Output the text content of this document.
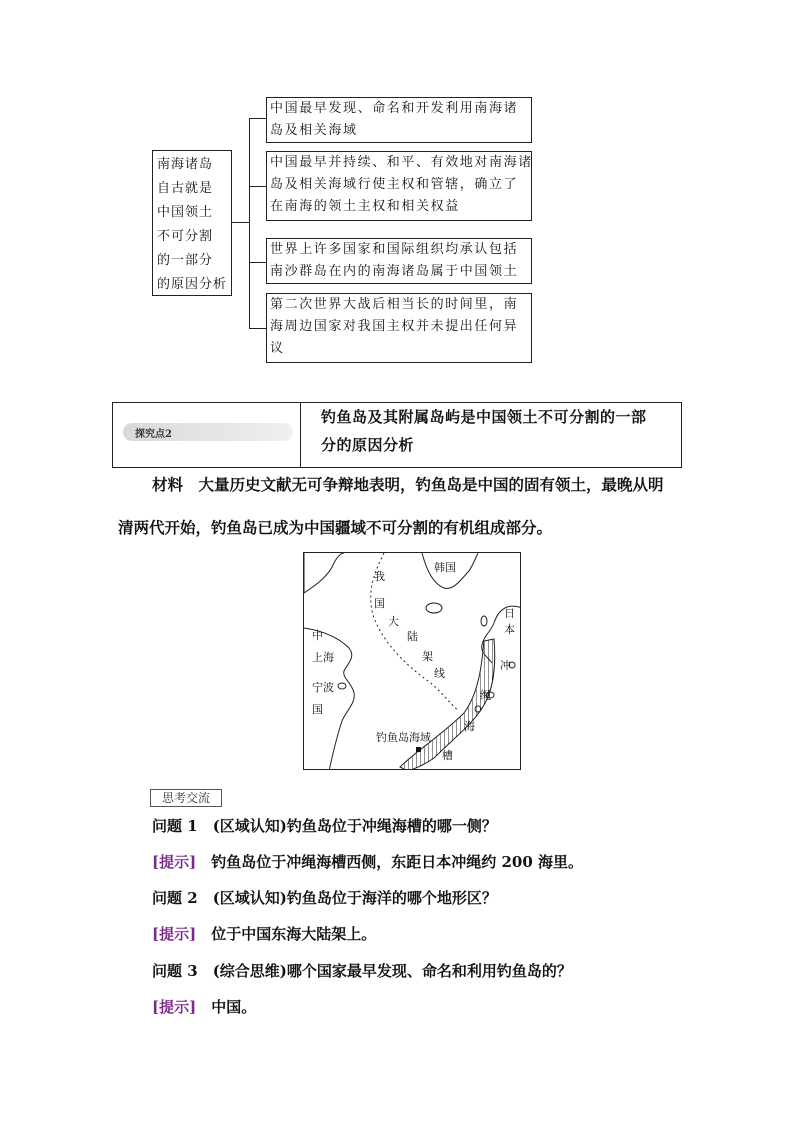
南海诸岛
自古就是
中国领土
不可分割
的一部分
的原因分析
中国最早发现、命名和开发利用南海诸
岛及相关海域
中国最早并持续、和平、有效地对南海诸
岛及相关海域行使主权和管辖，确立了
在南海的领土主权和相关权益
世界上许多国家和国际组织均承认包括
南沙群岛在内的南海诸岛属于中国领土
第二次世界大战后相当长的时间里，南
海周边国家对我国主权并未提出任何异
议
探究点2
钓鱼岛及其附属岛屿是中国领土不可分割的一部
分的原因分析
材料　大量历史文献无可争辩地表明，钓鱼岛是中国的固有领土，最晚从明
清两代开始，钓鱼岛已成为中国疆域不可分割的有机组成部分。
韩国
我
国
大
陆
架
线
中
上海
宁波
国
日
本
冲
绳
海
槽
钓鱼岛海域
思考交流
问题 1　 (区域认知)钓鱼岛位于冲绳海槽的哪一侧？
[提示]　 钓鱼岛位于冲绳海槽西侧，东距日本冲绳约 200 海里。
问题 2　 (区域认知)钓鱼岛位于海洋的哪个地形区？
[提示]　 位于中国东海大陆架上。
问题 3　 (综合思维)哪个国家最早发现、命名和利用钓鱼岛的？
[提示]　 中国。
